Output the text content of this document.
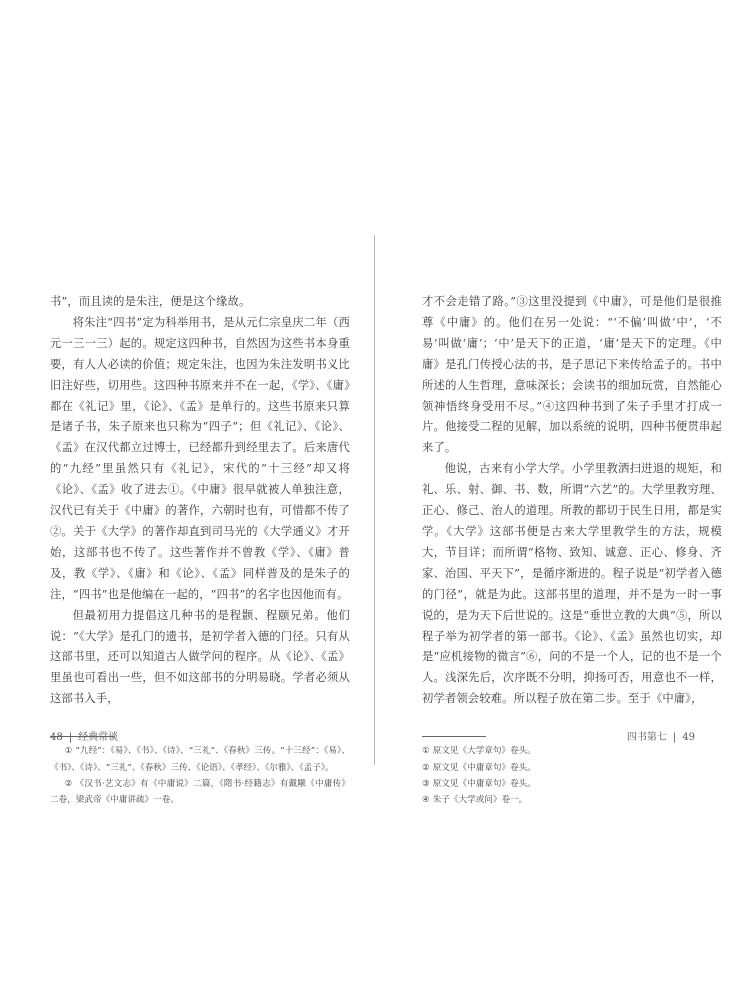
书”，而且读的是朱注，便是这个缘故。

将朱注“四书”定为科举用书，是从元仁宗皇庆二年（西元一三一三）起的。规定这四种书，自然因为这些书本身重要，有人人必读的价值；规定朱注，也因为朱注发明书义比旧注好些，切用些。这四种书原来并不在一起，《学》、《庸》都在《礼记》里，《论》、《孟》是单行的。这些书原来只算是诸子书，朱子原来也只称为“四子”；但《礼记》、《论》、《孟》在汉代都立过博士，已经都升到经里去了。后来唐代的“九经”里虽然只有《礼记》，宋代的“十三经”却又将《论》、《孟》收了进去①。《中庸》很早就被人单独注意，汉代已有关于《中庸》的著作，六朝时也有，可惜都不传了②。关于《大学》的著作却直到司马光的《大学通义》才开始，这部书也不传了。这些著作并不曾教《学》、《庸》普及，教《学》、《庸》和《论》、《孟》同样普及的是朱子的注，“四书”也是他编在一起的，“四书”的名字也因他而有。

但最初用力提倡这几种书的是程颢、程颐兄弟。他们说：“《大学》是孔门的遗书，是初学者入德的门径。只有从这部书里，还可以知道古人做学问的程序。从《论》、《孟》里虽也可看出一些，但不如这部书的分明易晓。学者必须从这部书入手，

① “九经”：《易》、《书》、《诗》、“三礼”、《春秋》三传。“十三经”：《易》、《书》、《诗》、“三礼”、《春秋》三传、《论语》、《孝经》、《尔雅》、《孟子》。

② 《汉书·艺文志》有《中庸说》二篇，《隋书·经籍志》有戴颙《中庸传》二卷，梁武帝《中庸讲疏》一卷。

48 | 经典常谈

才不会走错了路。”③这里没提到《中庸》，可是他们是很推尊《中庸》的。他们在另一处说：“‘不偏’叫做‘中’，‘不易’叫做‘庸’；‘中’是天下的正道，‘庸’是天下的定理。《中庸》是孔门传授心法的书，是子思记下来传给孟子的。书中所述的人生哲理，意味深长；会读书的细加玩赏，自然能心领神悟终身受用不尽。”④这四种书到了朱子手里才打成一片。他接受二程的见解，加以系统的说明，四种书便贯串起来了。

他说，古来有小学大学。小学里教洒扫进退的规矩，和礼、乐、射、御、书、数，所谓“六艺”的。大学里教穷理、正心、修己、治人的道理。所教的都切于民生日用，都是实学。《大学》这部书便是古来大学里教学生的方法，规模大，节目详；而所谓“格物、致知、诚意、正心、修身、齐家、治国、平天下”，是循序渐进的。程子说是“初学者入德的门径”，就是为此。这部书里的道理，并不是为一时一事说的，是为天下后世说的。这是“垂世立教的大典”⑤，所以程子举为初学者的第一部书。《论》、《孟》虽然也切实，却是“应机接物的微言”⑥，问的不是一个人，记的也不是一个人。浅深先后，次序既不分明，抑扬可否，用意也不一样，初学者领会较难。所以程子放在第二步。至于《中庸》，

① 原文见《大学章句》卷头。

② 原文见《中庸章句》卷头。

③ 原文见《中庸章句》卷头。

④ 朱子《大学或问》卷一。

四书第七 | 49
